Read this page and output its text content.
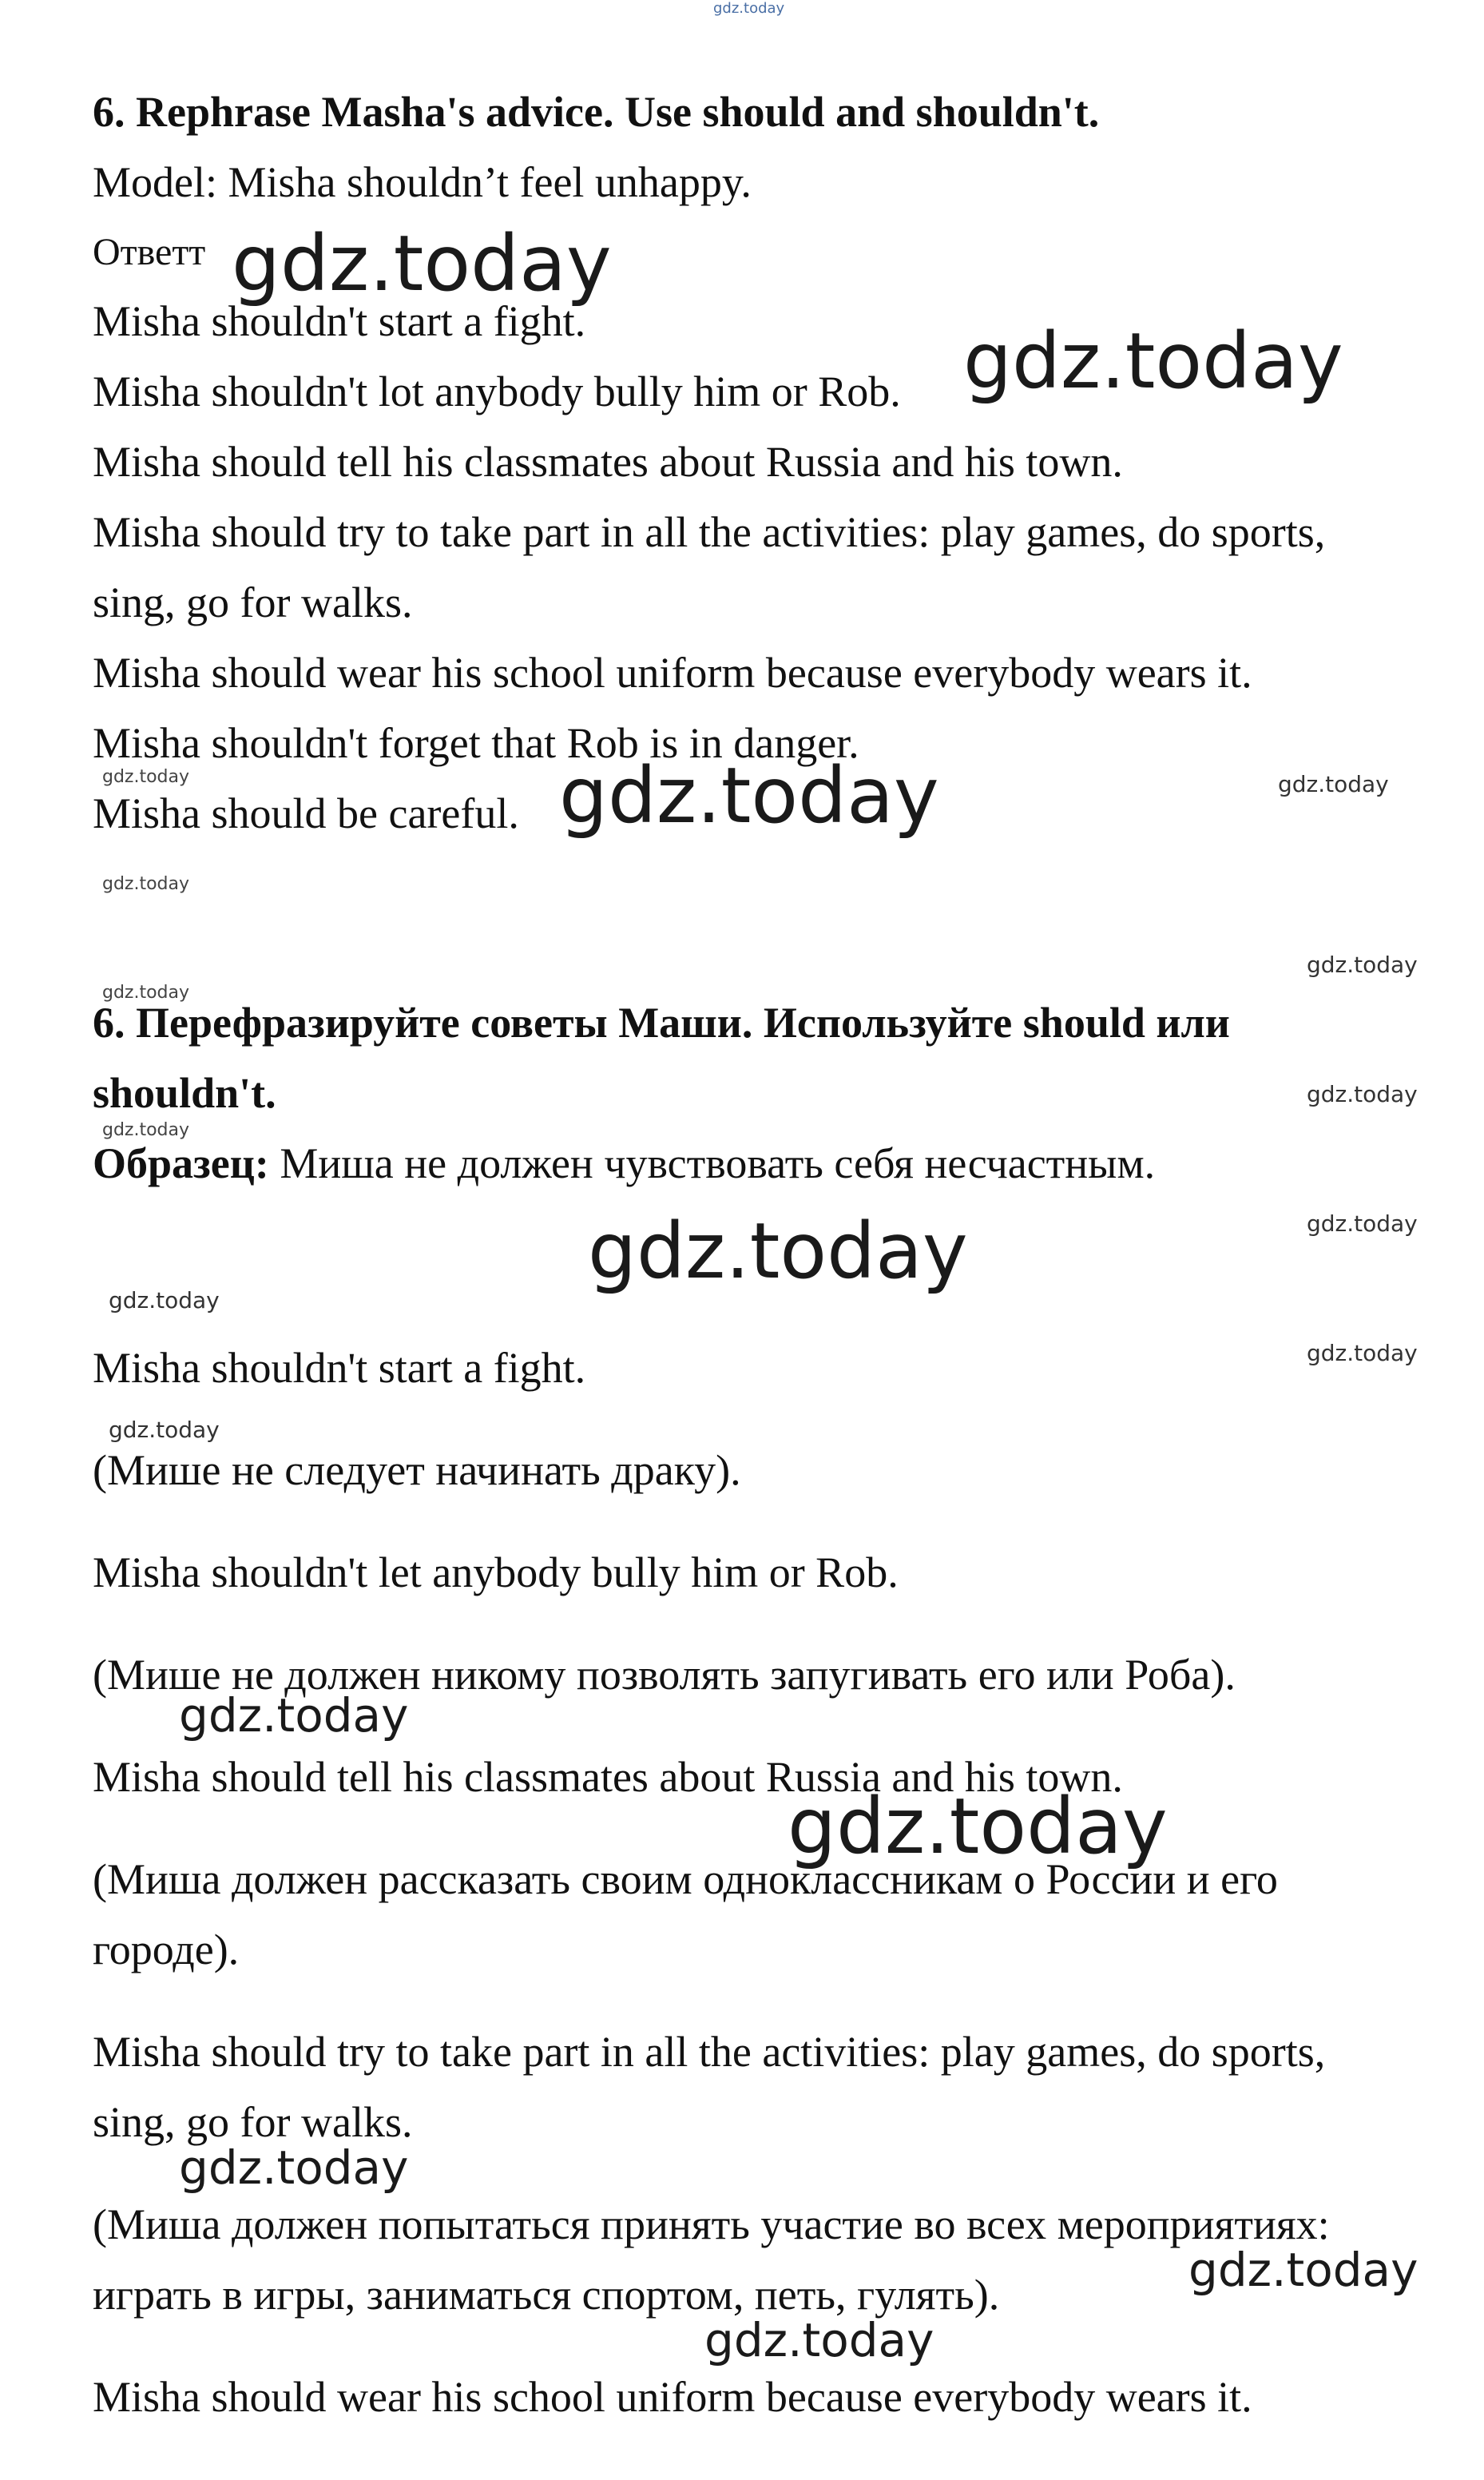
gdz.today
gdz.today
gdz.today
gdz.today	gdz.today	gdz.today
gdz.today
gdz.today
gdz.today
gdz.today
gdz.today
gdz.today	gdz.today
gdz.today
gdz.today
gdz.today
gdz.today
gdz.today
gdz.today
gdz.today
gdz.today
6. Rephrase Masha's advice. Use should and shouldn't.
Model: Misha shouldn’t feel unhappy.
Ответт
Misha shouldn't start a fight.
Misha shouldn't lot anybody bully him or Rob.
Misha should tell his classmates about Russia and his town.
Misha should try to take part in all the activities: play games, do sports,
sing, go for walks.
Misha should wear his school uniform because everybody wears it.
Misha shouldn't forget that Rob is in danger.
Misha should be careful.
6. Перефразируйте советы Маши. Используйте should или
shouldn't.
Образец: Миша не должен чувствовать себя несчастным.
Misha shouldn't start a fight.
(Мише не следует начинать драку).
Misha shouldn't let anybody bully him or Rob.
(Мише не должен никому позволять запугивать его или Роба).
Misha should tell his classmates about Russia and his town.
(Миша должен рассказать своим одноклассникам о России и его
городе).
Misha should try to take part in all the activities: play games, do sports,
sing, go for walks.
(Миша должен попытаться принять участие во всех мероприятиях:
играть в игры, заниматься спортом, петь, гулять).
Misha should wear his school uniform because everybody wears it.
